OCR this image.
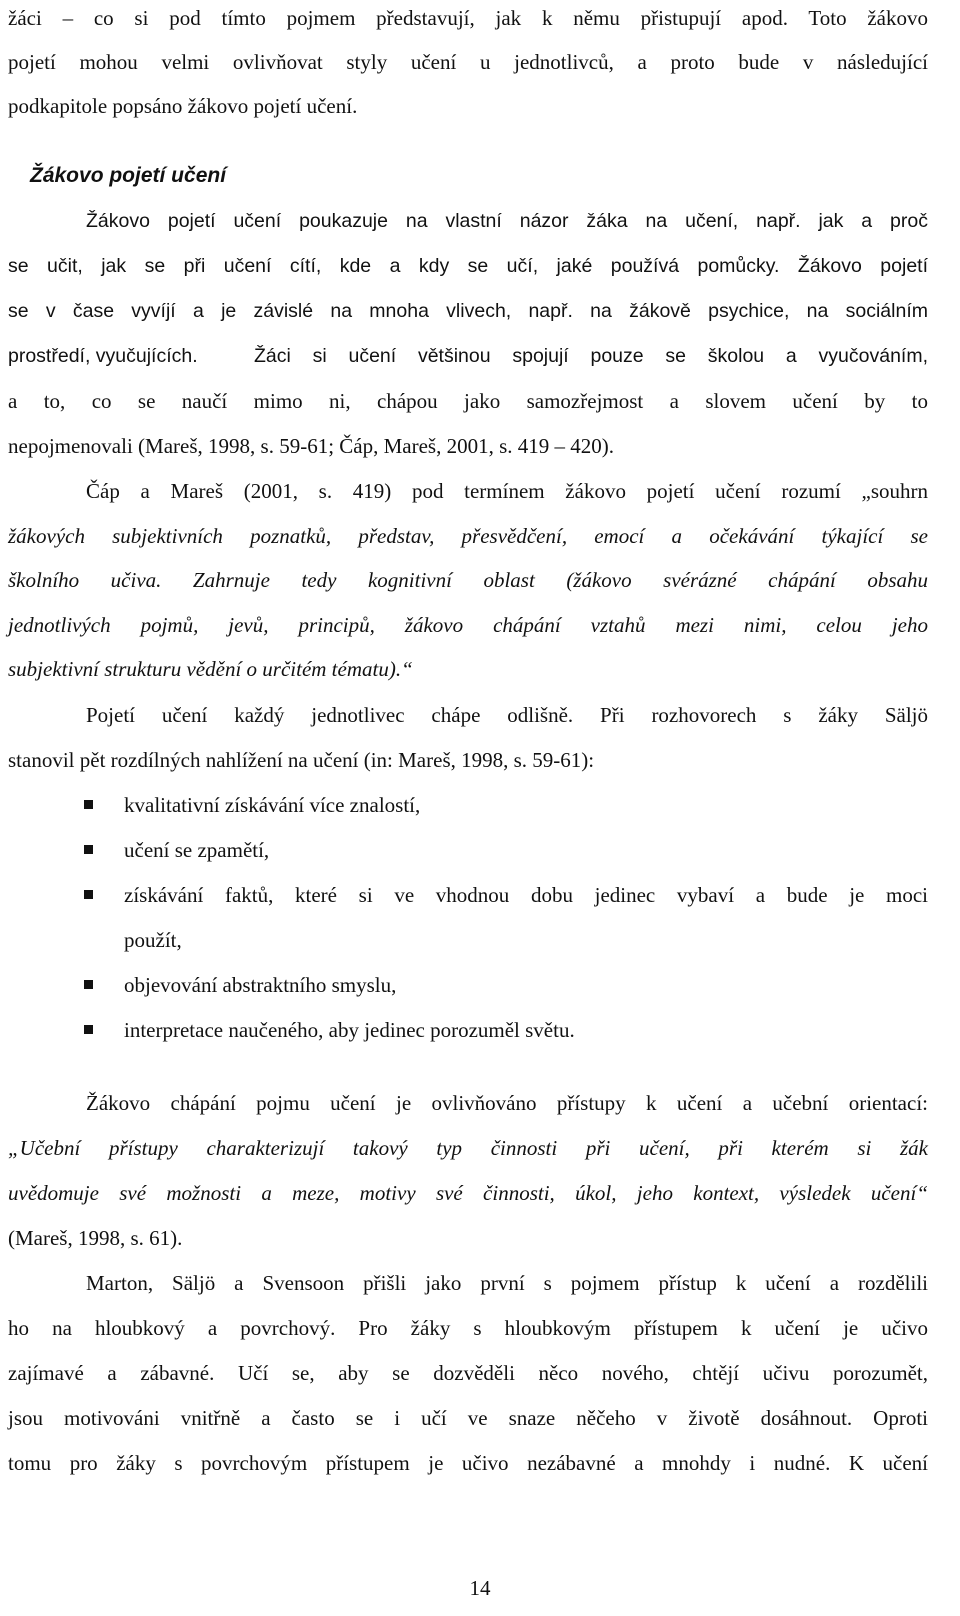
žáci – co si pod tímto pojmem představují, jak k němu přistupují apod. Toto žákovo
pojetí mohou velmi ovlivňovat styly učení u jednotlivců, a proto bude v následující
podkapitole popsáno žákovo pojetí učení.
Žákovo pojetí učení
Žákovo pojetí učení poukazuje na vlastní názor žáka na učení, např. jak a proč
se učit, jak se při učení cítí, kde a kdy se učí, jaké používá pomůcky. Žákovo pojetí
se v čase vyvíjí a je závislé na mnoha vlivech, např. na žákově psychice, na sociálním
prostředí, vyučujících.	Žáci si učení většinou spojují pouze se školou a vyučováním,
a to, co se naučí mimo ni, chápou jako samozřejmost a slovem učení by to
nepojmenovali (Mareš, 1998, s. 59-61; Čáp, Mareš, 2001, s. 419 – 420).
Čáp a Mareš (2001, s. 419) pod termínem žákovo pojetí učení rozumí „souhrn
žákových subjektivních poznatků, představ, přesvědčení, emocí a očekávání týkající se
školního učiva. Zahrnuje tedy kognitivní oblast (žákovo svérázné chápání obsahu
jednotlivých pojmů, jevů, principů, žákovo chápání vztahů mezi nimi, celou jeho
subjektivní strukturu vědění o určitém tématu).“
Pojetí učení každý jednotlivec chápe odlišně. Při rozhovorech s žáky Säljö
stanovil pět rozdílných nahlížení na učení (in: Mareš, 1998, s. 59-61):
kvalitativní získávání více znalostí,
učení se zpamětí,
získávání faktů, které si ve vhodnou dobu jedinec vybaví a bude je moci
použít,
objevování abstraktního smyslu,
interpretace naučeného, aby jedinec porozuměl světu.
Žákovo chápání pojmu učení je ovlivňováno přístupy k učení a učební orientací:
„Učební přístupy charakterizují takový typ činnosti při učení, při kterém si žák
uvědomuje své možnosti a meze, motivy své činnosti, úkol, jeho kontext, výsledek učení“
(Mareš, 1998, s. 61).
Marton, Säljö a Svensoon přišli jako první s pojmem přístup k učení a rozdělili
ho na hloubkový a povrchový. Pro žáky s hloubkovým přístupem k učení je učivo
zajímavé a zábavné. Učí se, aby se dozvěděli něco nového, chtějí učivu porozumět,
jsou motivováni vnitřně a často se i učí ve snaze něčeho v životě dosáhnout. Oproti
tomu pro žáky s povrchovým přístupem je učivo nezábavné a mnohdy i nudné. K učení
14
